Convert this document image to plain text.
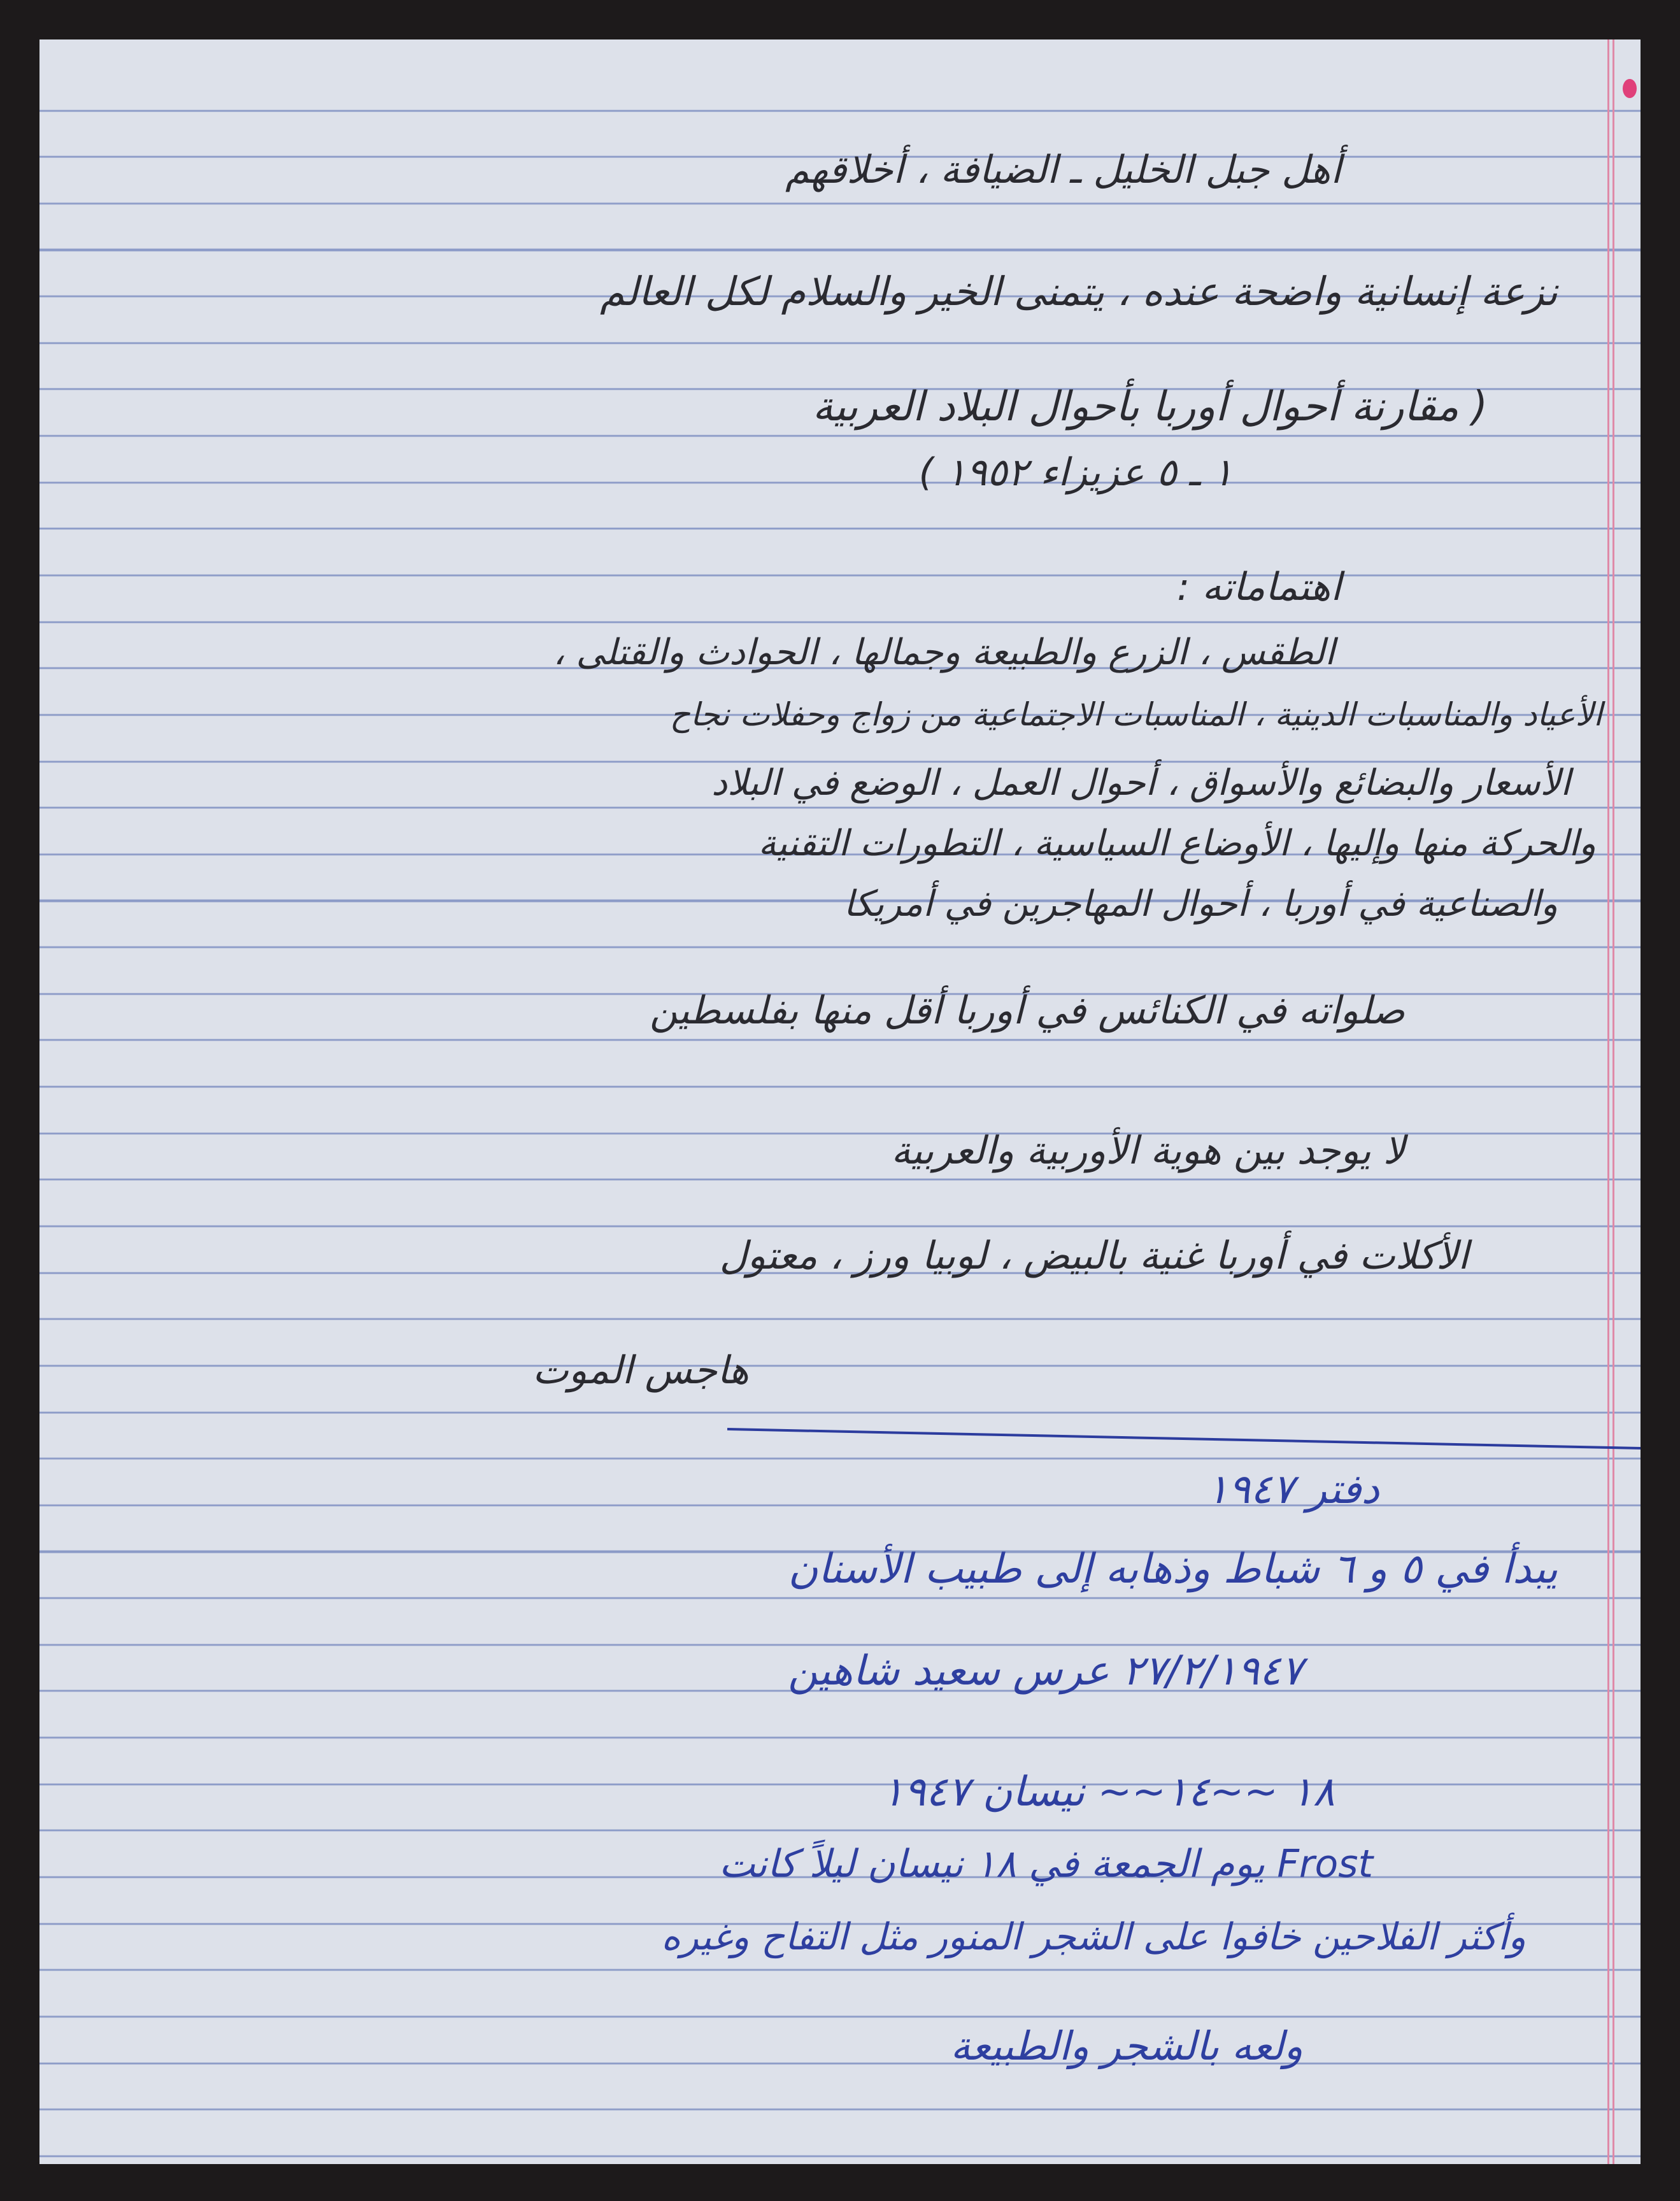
أهل جبل الخليل ـ الضيافة ، أخلاقهم
نزعة إنسانية واضحة عنده ، يتمنى الخير والسلام لكل العالم
( مقارنة أحوال أوربا بأحوال البلاد العربية
١ ـ ٥ عزيزاء ١٩٥٢ )
اهتماماته :
الطقس ، الزرع والطبيعة وجمالها ، الحوادث والقتلى ،
الأعياد والمناسبات الدينية ، المناسبات الاجتماعية من زواج وحفلات نجاح
الأسعار والبضائع والأسواق ، أحوال العمل ، الوضع في البلاد
والحركة منها وإليها ، الأوضاع السياسية ، التطورات التقنية
والصناعية في أوربا ، أحوال المهاجرين في أمريكا
صلواته في الكنائس في أوربا أقل منها بفلسطين
لا يوجد بين هوية الأوربية والعربية
الأكلات في أوربا غنية بالبيض ، لوبيا ورز ، معتول
هاجس الموت
دفتر ١٩٤٧
يبدأ في ٥ و ٦ شباط وذهابه إلى طبيب الأسنان
٢٧/٢/١٩٤٧ عرس سعيد شاهين
١٨ ~~١٤~~ نيسان ١٩٤٧
Frost يوم الجمعة في ١٨ نيسان ليلاً كانت
وأكثر الفلاحين خافوا على الشجر المنور مثل التفاح وغيره
ولعه بالشجر والطبيعة
